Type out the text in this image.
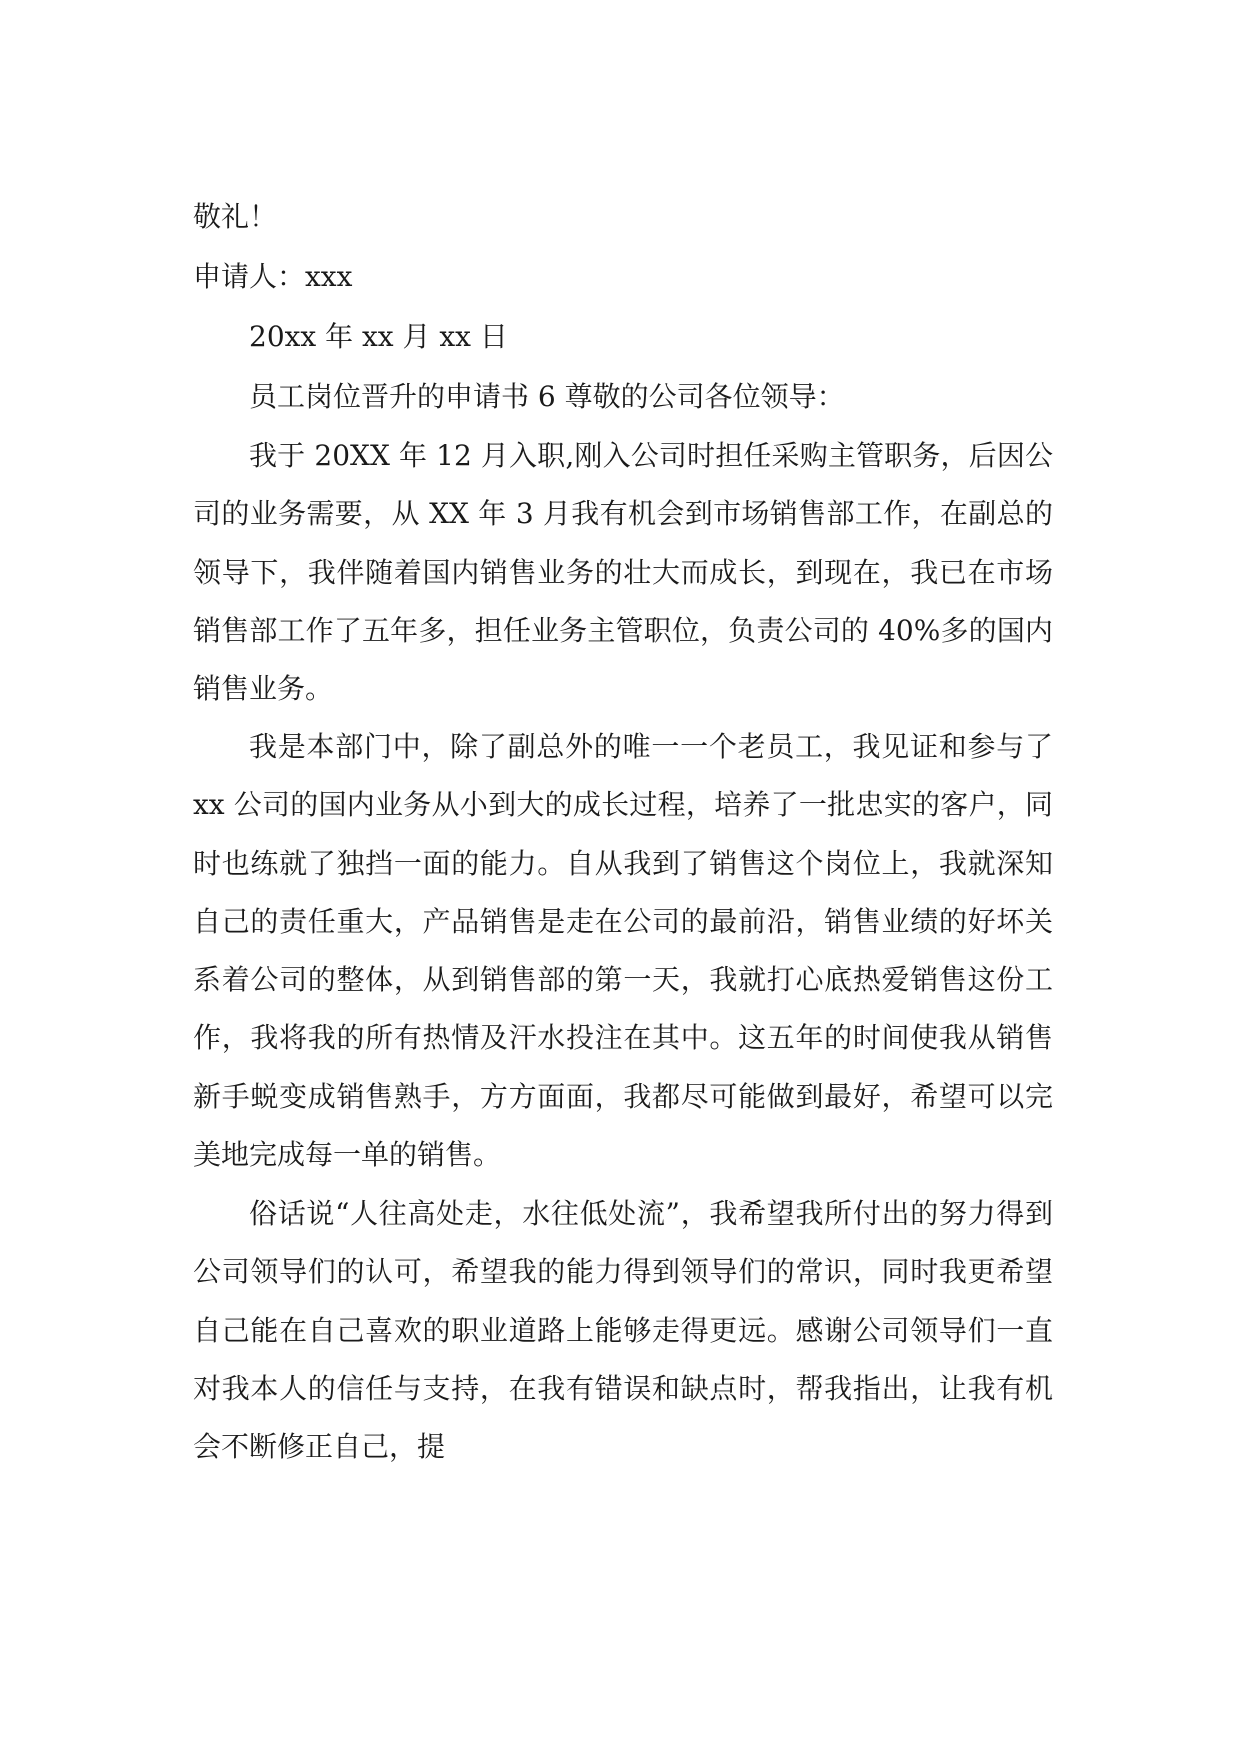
敬礼！
申请人：xxx
20xx 年 xx 月 xx 日
员工岗位晋升的申请书 6 尊敬的公司各位领导：

我于 20XX 年 12 月入职,刚入公司时担任采购主管职务，后因公司的业务需要，从 XX 年 3 月我有机会到市场销售部工作，在副总的领导下，我伴随着国内销售业务的壮大而成长，到现在，我已在市场销售部工作了五年多，担任业务主管职位，负责公司的 40%多的国内销售业务。

我是本部门中，除了副总外的唯一一个老员工，我见证和参与了 xx 公司的国内业务从小到大的成长过程，培养了一批忠实的客户，同时也练就了独挡一面的能力。自从我到了销售这个岗位上，我就深知自己的责任重大，产品销售是走在公司的最前沿，销售业绩的好坏关系着公司的整体，从到销售部的第一天，我就打心底热爱销售这份工作，我将我的所有热情及汗水投注在其中。这五年的时间使我从销售新手蜕变成销售熟手，方方面面，我都尽可能做到最好，希望可以完美地完成每一单的销售。

俗话说“人往高处走，水往低处流”，我希望我所付出的努力得到公司领导们的认可，希望我的能力得到领导们的常识，同时我更希望自己能在自己喜欢的职业道路上能够走得更远。感谢公司领导们一直对我本人的信任与支持，在我有错误和缺点时，帮我指出，让我有机会不断修正自己，提
